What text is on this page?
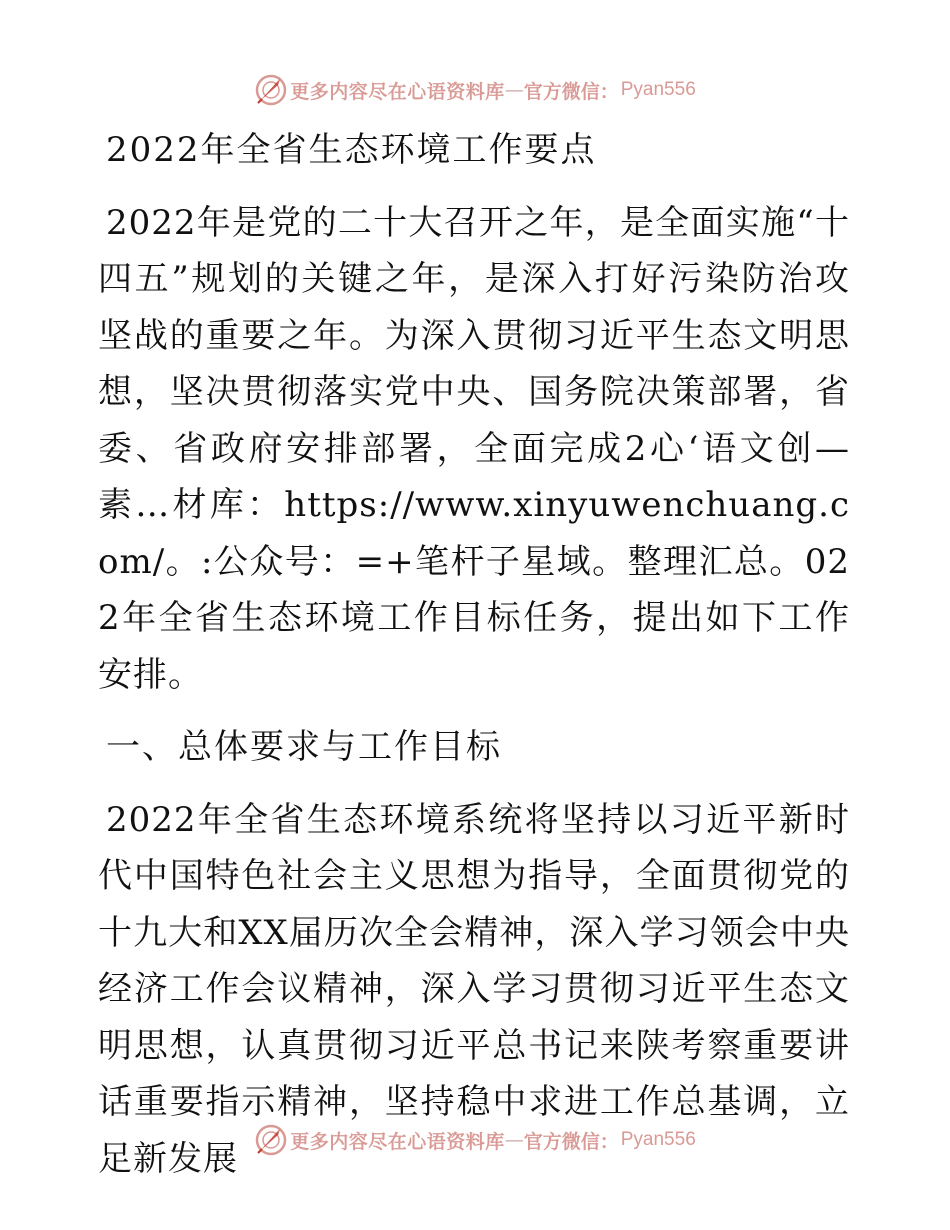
更多内容尽在心语资料库 — 官方微信： Pyan556

2022年全省生态环境工作要点

2022年是党的二十大召开之年，是全面实施“十四五”规划的关键之年，是深入打好污染防治攻坚战的重要之年。为深入贯彻习近平生态文明思想，坚决贯彻落实党中央、国务院决策部署，省委、省政府安排部署，全面完成2心‘语文创—素…材库：https://www.xinyuwenchuang.com/。:公众号：=+笔杆子星域。整理汇总。022年全省生态环境工作目标任务，提出如下工作安排。

一、总体要求与工作目标

2022年全省生态环境系统将坚持以习近平新时代中国特色社会主义思想为指导，全面贯彻党的十九大和XX届历次全会精神，深入学习领会中央经济工作会议精神，深入学习贯彻习近平生态文明思想，认真贯彻习近平总书记来陕考察重要讲话重要指示精神，坚持稳中求进工作总基调，立足新发展	更多内容尽在心语资料库 — 官方微信： Pyan556
